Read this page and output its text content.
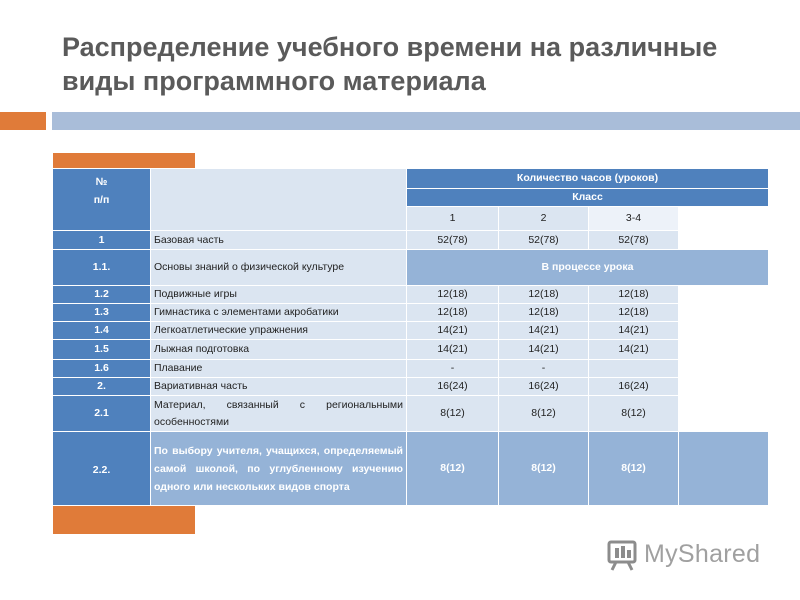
Распределение учебного времени на различные виды программного материала
№
п/п		Количество часов (уроков)			
		Класс			
		1	2	3-4	
1	Базовая часть	52(78)	52(78)	52(78)	
1.1.	Основы знаний о физической культуре	В процессе урока			
1.2	Подвижные игры	12(18)	12(18)	12(18)	
1.3	Гимнастика с элементами акробатики	12(18)	12(18)	12(18)	
1.4	Легкоатлетические упражнения	14(21)	14(21)	14(21)	
1.5	Лыжная подготовка	14(21)	14(21)	14(21)	
1.6	Плавание	-	-		
2.	Вариативная часть	16(24)	16(24)	16(24)	
2.1	Материал, связанный с региональными особенностями	8(12)	8(12)	8(12)	
2.2.	По выбору учителя, учащихся, определяемый самой школой, по углубленному изучению одного или нескольких видов спорта	8(12)	8(12)	8(12)	
MyShared
